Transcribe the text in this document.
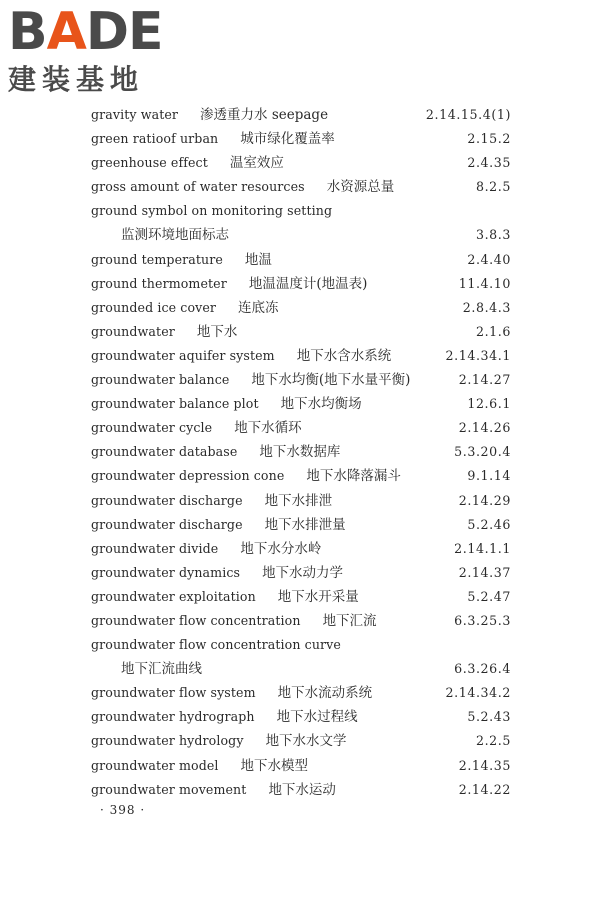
BADE
建装基地
gravity water 渗透重力水 seepage	2.14.15.4(1)
green ratioof urban 城市绿化覆盖率	2.15.2
greenhouse effect 温室效应	2.4.35
gross amount of water resources 水资源总量	8.2.5
ground symbol on monitoring setting
监测环境地面标志	3.8.3
ground temperature 地温	2.4.40
ground thermometer 地温温度计(地温表)	11.4.10
grounded ice cover 连底冻	2.8.4.3
groundwater 地下水	2.1.6
groundwater aquifer system 地下水含水系统	2.14.34.1
groundwater balance 地下水均衡(地下水量平衡)	2.14.27
groundwater balance plot 地下水均衡场	12.6.1
groundwater cycle 地下水循环	2.14.26
groundwater database 地下水数据库	5.3.20.4
groundwater depression cone 地下水降落漏斗	9.1.14
groundwater discharge 地下水排泄	2.14.29
groundwater discharge 地下水排泄量	5.2.46
groundwater divide 地下水分水岭	2.14.1.1
groundwater dynamics 地下水动力学	2.14.37
groundwater exploitation 地下水开采量	5.2.47
groundwater flow concentration 地下汇流	6.3.25.3
groundwater flow concentration curve
地下汇流曲线	6.3.26.4
groundwater flow system 地下水流动系统	2.14.34.2
groundwater hydrograph 地下水过程线	5.2.43
groundwater hydrology 地下水水文学	2.2.5
groundwater model 地下水模型	2.14.35
groundwater movement 地下水运动	2.14.22
· 398 ·
